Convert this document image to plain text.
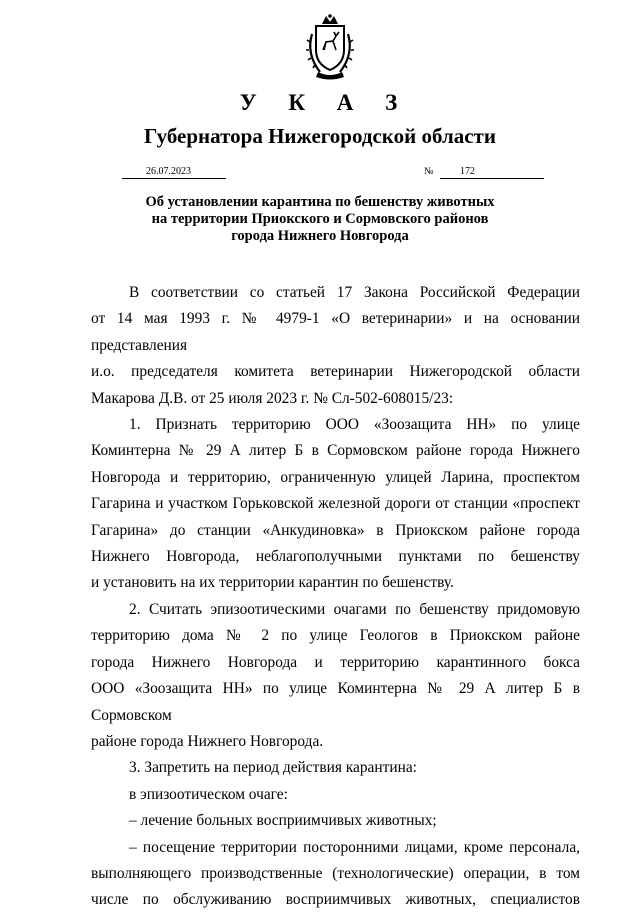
У К А З
Губернатора Нижегородской области
26.07.2023	№	172
Об установлении карантина по бешенству животных
на территории Приокского и Сормовского районов
города Нижнего Новгорода

В соответствии со статьей 17 Закона Российской Федерации

от 14 мая 1993 г. № 4979-1 «О ветеринарии» и на основании представления

и.о. председателя комитета ветеринарии Нижегородской области

Макарова Д.В. от 25 июля 2023 г. № Сл-502-608015/23:

1. Признать территорию ООО «Зоозащита НН» по улице

Коминтерна № 29 А литер Б в Сормовском районе города Нижнего

Новгорода и территорию, ограниченную улицей Ларина, проспектом

Гагарина и участком Горьковской железной дороги от станции «проспект

Гагарина» до станции «Анкудиновка» в Приокском районе города

Нижнего Новгорода, неблагополучными пунктами по бешенству

и установить на их территории карантин по бешенству.

2. Считать эпизоотическими очагами по бешенству придомовую

территорию дома № 2 по улице Геологов в Приокском районе

города Нижнего Новгорода и территорию карантинного бокса

ООО «Зоозащита НН» по улице Коминтерна № 29 А литер Б в Сормовском

районе города Нижнего Новгорода.

3. Запретить на период действия карантина:

в эпизоотическом очаге:

– лечение больных восприимчивых животных;

– посещение территории посторонними лицами, кроме персонала,

выполняющего производственные (технологические) операции, в том

числе по обслуживанию восприимчивых животных, специалистов
